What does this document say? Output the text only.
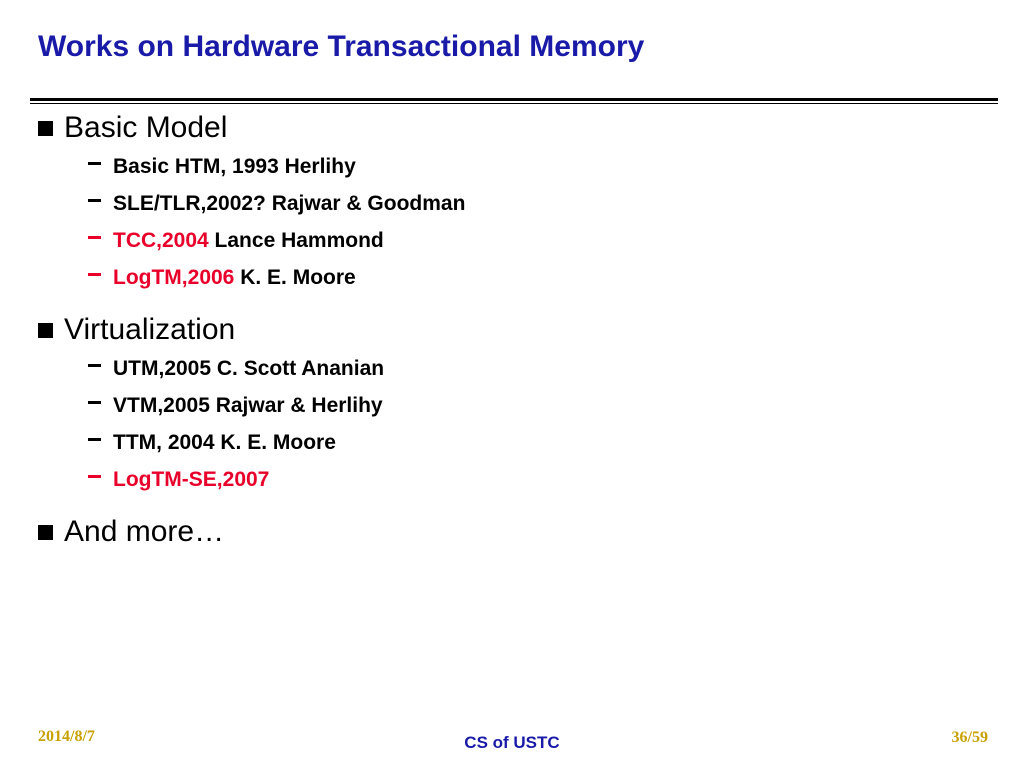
Works on Hardware Transactional Memory
Basic Model
Basic HTM, 1993 Herlihy
SLE/TLR,2002? Rajwar & Goodman
TCC,2004 Lance Hammond
LogTM,2006 K. E. Moore
Virtualization
UTM,2005 C. Scott Ananian
VTM,2005 Rajwar & Herlihy
TTM, 2004 K. E. Moore
LogTM-SE,2007
And more…
2014/8/7	CS of USTC	36/59
